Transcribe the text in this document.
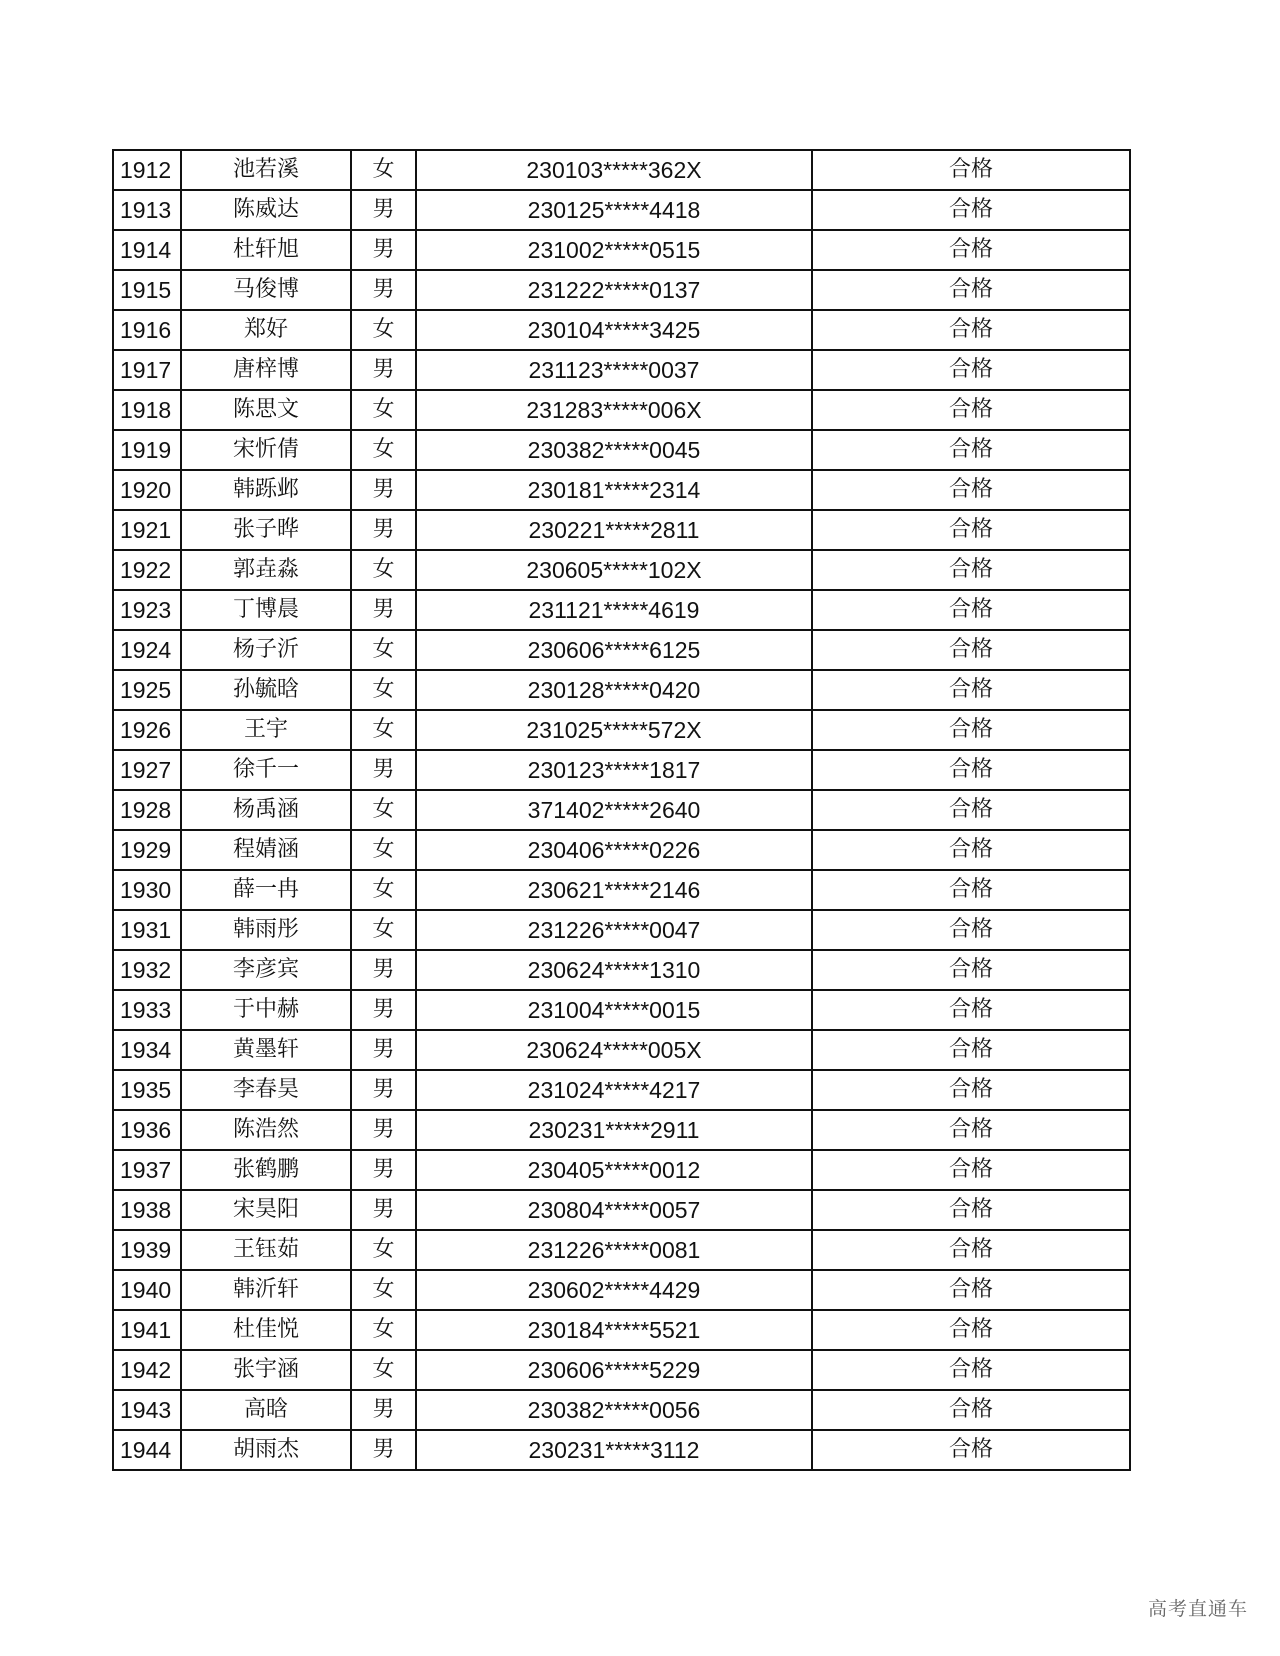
1912	池若溪	女	230103*****362X	合格
1913	陈威达	男	230125*****4418	合格
1914	杜轩旭	男	231002*****0515	合格
1915	马俊博	男	231222*****0137	合格
1916	郑好	女	230104*****3425	合格
1917	唐梓博	男	231123*****0037	合格
1918	陈思文	女	231283*****006X	合格
1919	宋忻倩	女	230382*****0045	合格
1920	韩跞邺	男	230181*****2314	合格
1921	张子晔	男	230221*****2811	合格
1922	郭垚淼	女	230605*****102X	合格
1923	丁博晨	男	231121*****4619	合格
1924	杨子沂	女	230606*****6125	合格
1925	孙毓晗	女	230128*****0420	合格
1926	王宇	女	231025*****572X	合格
1927	徐千一	男	230123*****1817	合格
1928	杨禹涵	女	371402*****2640	合格
1929	程婧涵	女	230406*****0226	合格
1930	薛一冉	女	230621*****2146	合格
1931	韩雨彤	女	231226*****0047	合格
1932	李彦宾	男	230624*****1310	合格
1933	于中赫	男	231004*****0015	合格
1934	黄墨轩	男	230624*****005X	合格
1935	李春昊	男	231024*****4217	合格
1936	陈浩然	男	230231*****2911	合格
1937	张鹤鹏	男	230405*****0012	合格
1938	宋昊阳	男	230804*****0057	合格
1939	王钰茹	女	231226*****0081	合格
1940	韩沂轩	女	230602*****4429	合格
1941	杜佳悦	女	230184*****5521	合格
1942	张宇涵	女	230606*****5229	合格
1943	高晗	男	230382*****0056	合格
1944	胡雨杰	男	230231*****3112	合格
高考直通车
